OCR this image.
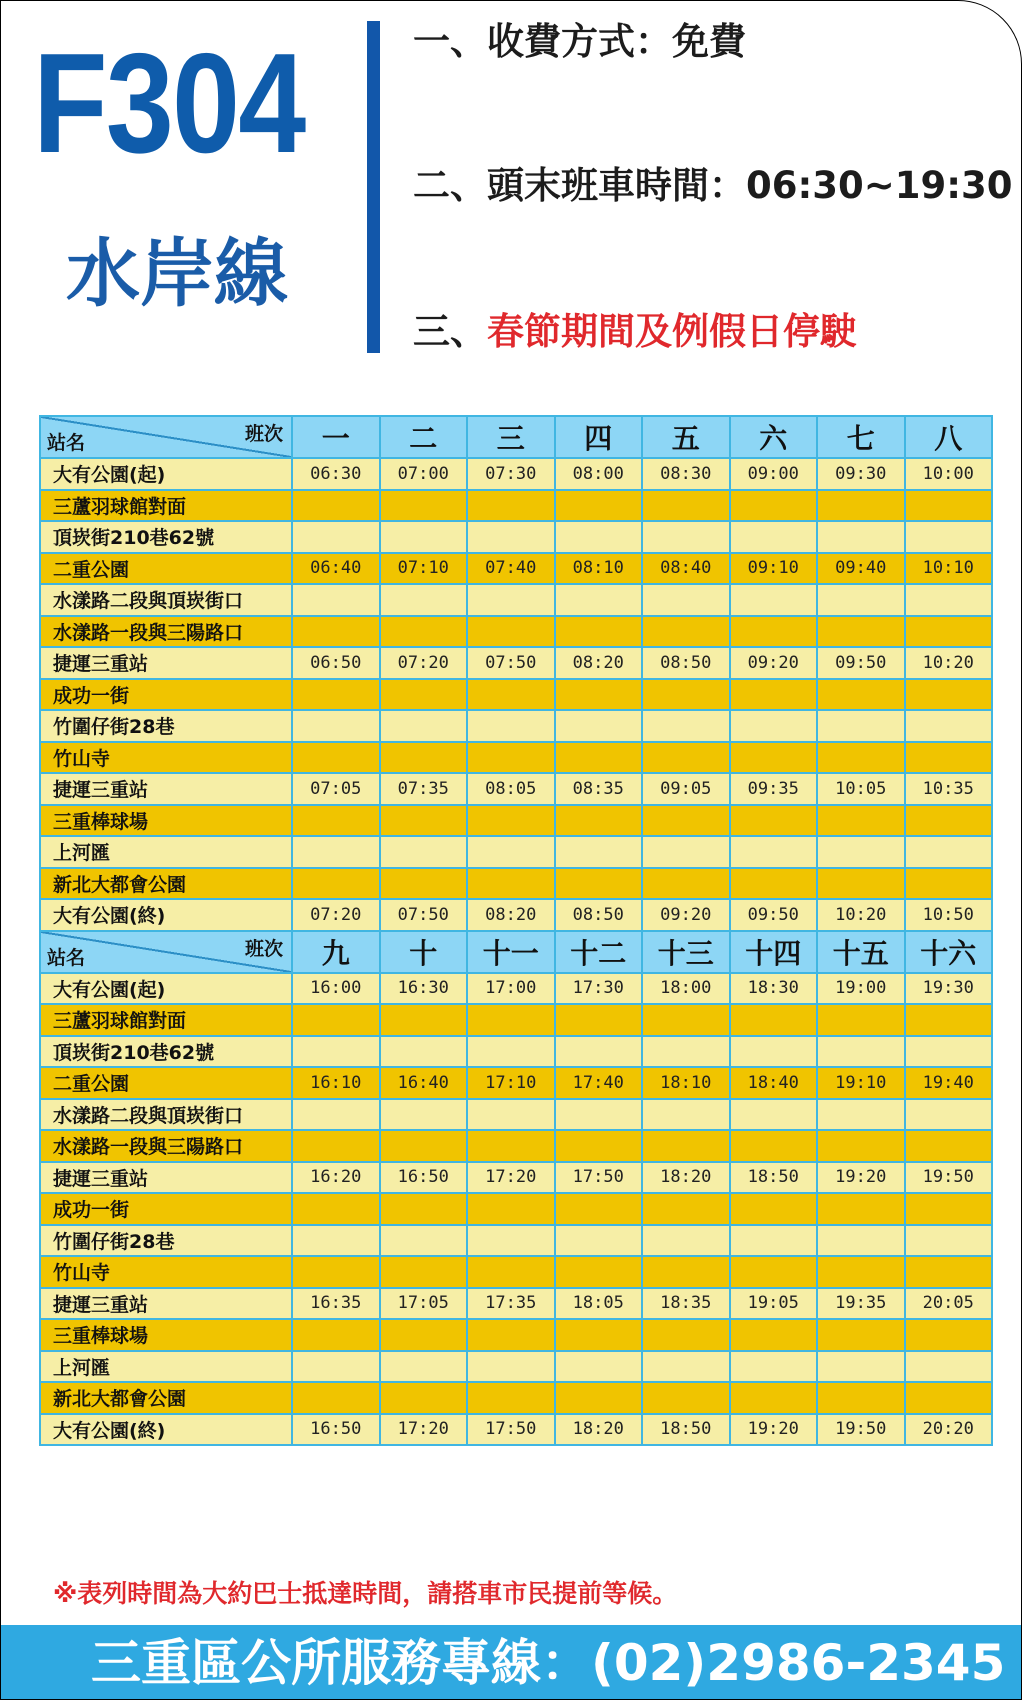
F304
水岸線
一、收費方式：免費
二、頭末班車時間：06:30~19:30
三、春節期間及例假日停駛
站名 班次	一	二	三	四	五	六	七	八
大有公園(起)	06:30	07:00	07:30	08:00	08:30	09:00	09:30	10:00
三蘆羽球館對面								
頂崁街210巷62號								
二重公園	06:40	07:10	07:40	08:10	08:40	09:10	09:40	10:10
水漾路二段與頂崁街口								
水漾路一段與三陽路口								
捷運三重站	06:50	07:20	07:50	08:20	08:50	09:20	09:50	10:20
成功一街								
竹圍仔街28巷								
竹山寺								
捷運三重站	07:05	07:35	08:05	08:35	09:05	09:35	10:05	10:35
三重棒球場								
上河匯								
新北大都會公園								
大有公園(終)	07:20	07:50	08:20	08:50	09:20	09:50	10:20	10:50

站名 班次	九	十	十一	十二	十三	十四	十五	十六
大有公園(起)	16:00	16:30	17:00	17:30	18:00	18:30	19:00	19:30
三蘆羽球館對面								
頂崁街210巷62號								
二重公園	16:10	16:40	17:10	17:40	18:10	18:40	19:10	19:40
水漾路二段與頂崁街口								
水漾路一段與三陽路口								
捷運三重站	16:20	16:50	17:20	17:50	18:20	18:50	19:20	19:50
成功一街								
竹圍仔街28巷								
竹山寺								
捷運三重站	16:35	17:05	17:35	18:05	18:35	19:05	19:35	20:05
三重棒球場								
上河匯								
新北大都會公園								
大有公園(終)	16:50	17:20	17:50	18:20	18:50	19:20	19:50	20:20
※表列時間為大約巴士抵達時間，請搭車市民提前等候。
三重區公所服務專線：(02)2986-2345
